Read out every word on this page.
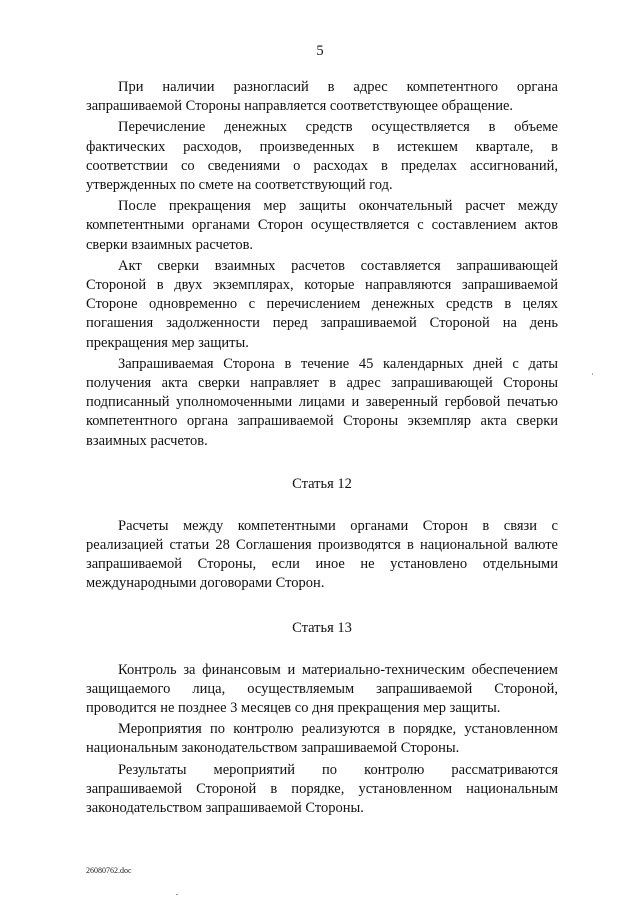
5

При наличии разногласий в адрес компетентного органа запрашиваемой Стороны направляется соответствующее обращение.

Перечисление денежных средств осуществляется в объеме фактических расходов, произведенных в истекшем квартале, в соответствии со сведениями о расходах в пределах ассигнований, утвержденных по смете на соответствующий год.

После прекращения мер защиты окончательный расчет между компетентными органами Сторон осуществляется с составлением актов сверки взаимных расчетов.

Акт сверки взаимных расчетов составляется запрашивающей Стороной в двух экземплярах, которые направляются запрашиваемой Стороне одновременно с перечислением денежных средств в целях погашения задолженности перед запрашиваемой Стороной на день прекращения мер защиты.

Запрашиваемая Сторона в течение 45 календарных дней с даты получения акта сверки направляет в адрес запрашивающей Стороны подписанный уполномоченными лицами и заверенный гербовой печатью компетентного органа запрашиваемой Стороны экземпляр акта сверки взаимных расчетов.

Статья 12

Расчеты между компетентными органами Сторон в связи с реализацией статьи 28 Соглашения производятся в национальной валюте запрашиваемой Стороны, если иное не установлено отдельными международными договорами Сторон.

Статья 13

Контроль за финансовым и материально-техническим обеспечением защищаемого лица, осуществляемым запрашиваемой Стороной, проводится не позднее 3 месяцев со дня прекращения мер защиты.

Мероприятия по контролю реализуются в порядке, установленном национальным законодательством запрашиваемой Стороны.

Результаты мероприятий по контролю рассматриваются запрашиваемой Стороной в порядке, установленном национальным законодательством запрашиваемой Стороны.

26080762.doc
